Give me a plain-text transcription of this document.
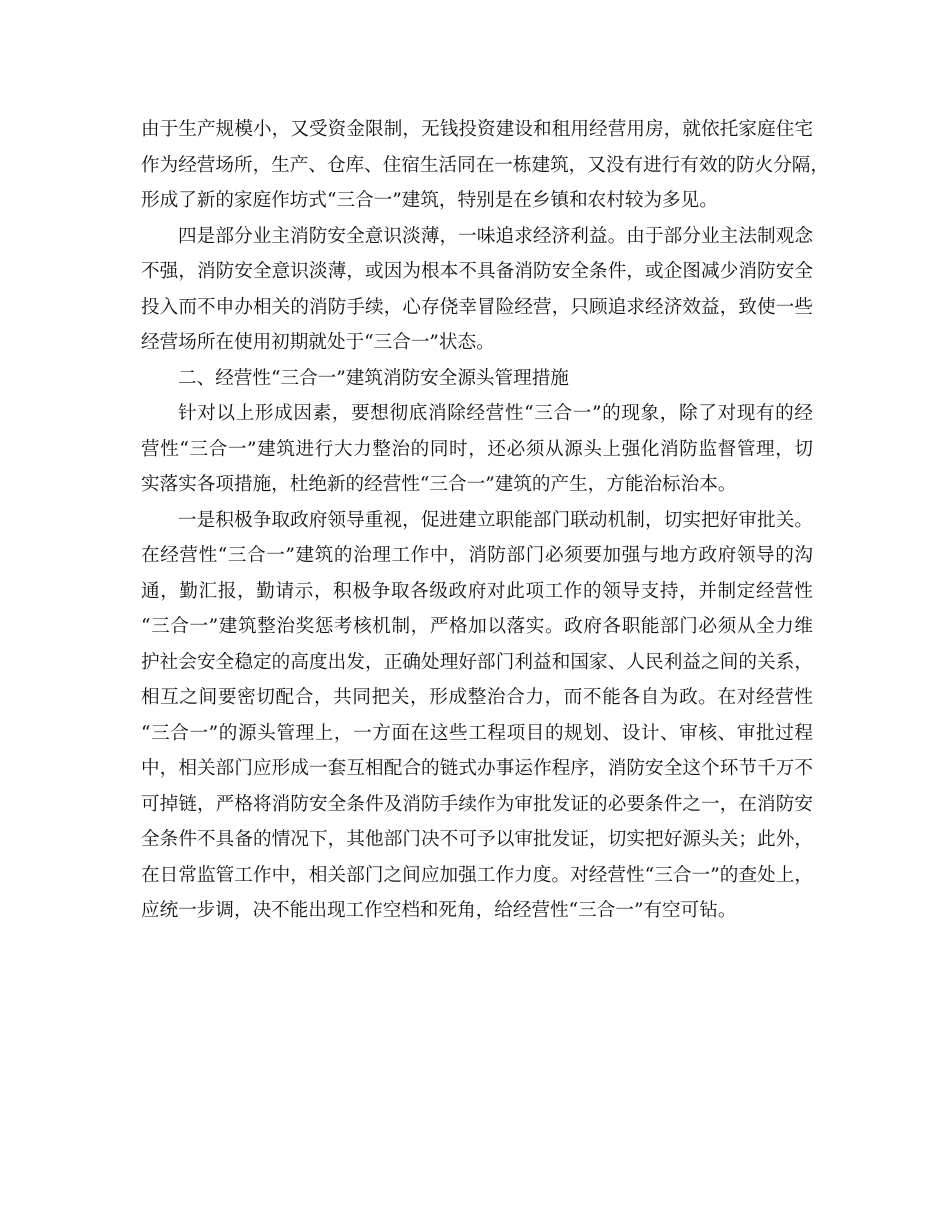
由于生产规模小，又受资金限制，无钱投资建设和租用经营用房，就依托家庭住宅
作为经营场所，生产、仓库、住宿生活同在一栋建筑，又没有进行有效的防火分隔，
形成了新的家庭作坊式“三合一”建筑，特别是在乡镇和农村较为多见。
四是部分业主消防安全意识淡薄，一味追求经济利益。由于部分业主法制观念
不强，消防安全意识淡薄，或因为根本不具备消防安全条件，或企图减少消防安全
投入而不申办相关的消防手续，心存侥幸冒险经营，只顾追求经济效益，致使一些
经营场所在使用初期就处于“三合一”状态。
二、经营性“三合一”建筑消防安全源头管理措施
针对以上形成因素，要想彻底消除经营性“三合一”的现象，除了对现有的经
营性“三合一”建筑进行大力整治的同时，还必须从源头上强化消防监督管理，切
实落实各项措施，杜绝新的经营性“三合一”建筑的产生，方能治标治本。
一是积极争取政府领导重视，促进建立职能部门联动机制，切实把好审批关。
在经营性“三合一”建筑的治理工作中，消防部门必须要加强与地方政府领导的沟
通，勤汇报，勤请示，积极争取各级政府对此项工作的领导支持，并制定经营性
“三合一”建筑整治奖惩考核机制，严格加以落实。政府各职能部门必须从全力维
护社会安全稳定的高度出发，正确处理好部门利益和国家、人民利益之间的关系，
相互之间要密切配合，共同把关，形成整治合力，而不能各自为政。在对经营性
“三合一”的源头管理上，一方面在这些工程项目的规划、设计、审核、审批过程
中，相关部门应形成一套互相配合的链式办事运作程序，消防安全这个环节千万不
可掉链，严格将消防安全条件及消防手续作为审批发证的必要条件之一，在消防安
全条件不具备的情况下，其他部门决不可予以审批发证，切实把好源头关；此外，
在日常监管工作中，相关部门之间应加强工作力度。对经营性“三合一”的查处上，
应统一步调，决不能出现工作空档和死角，给经营性“三合一”有空可钻。
